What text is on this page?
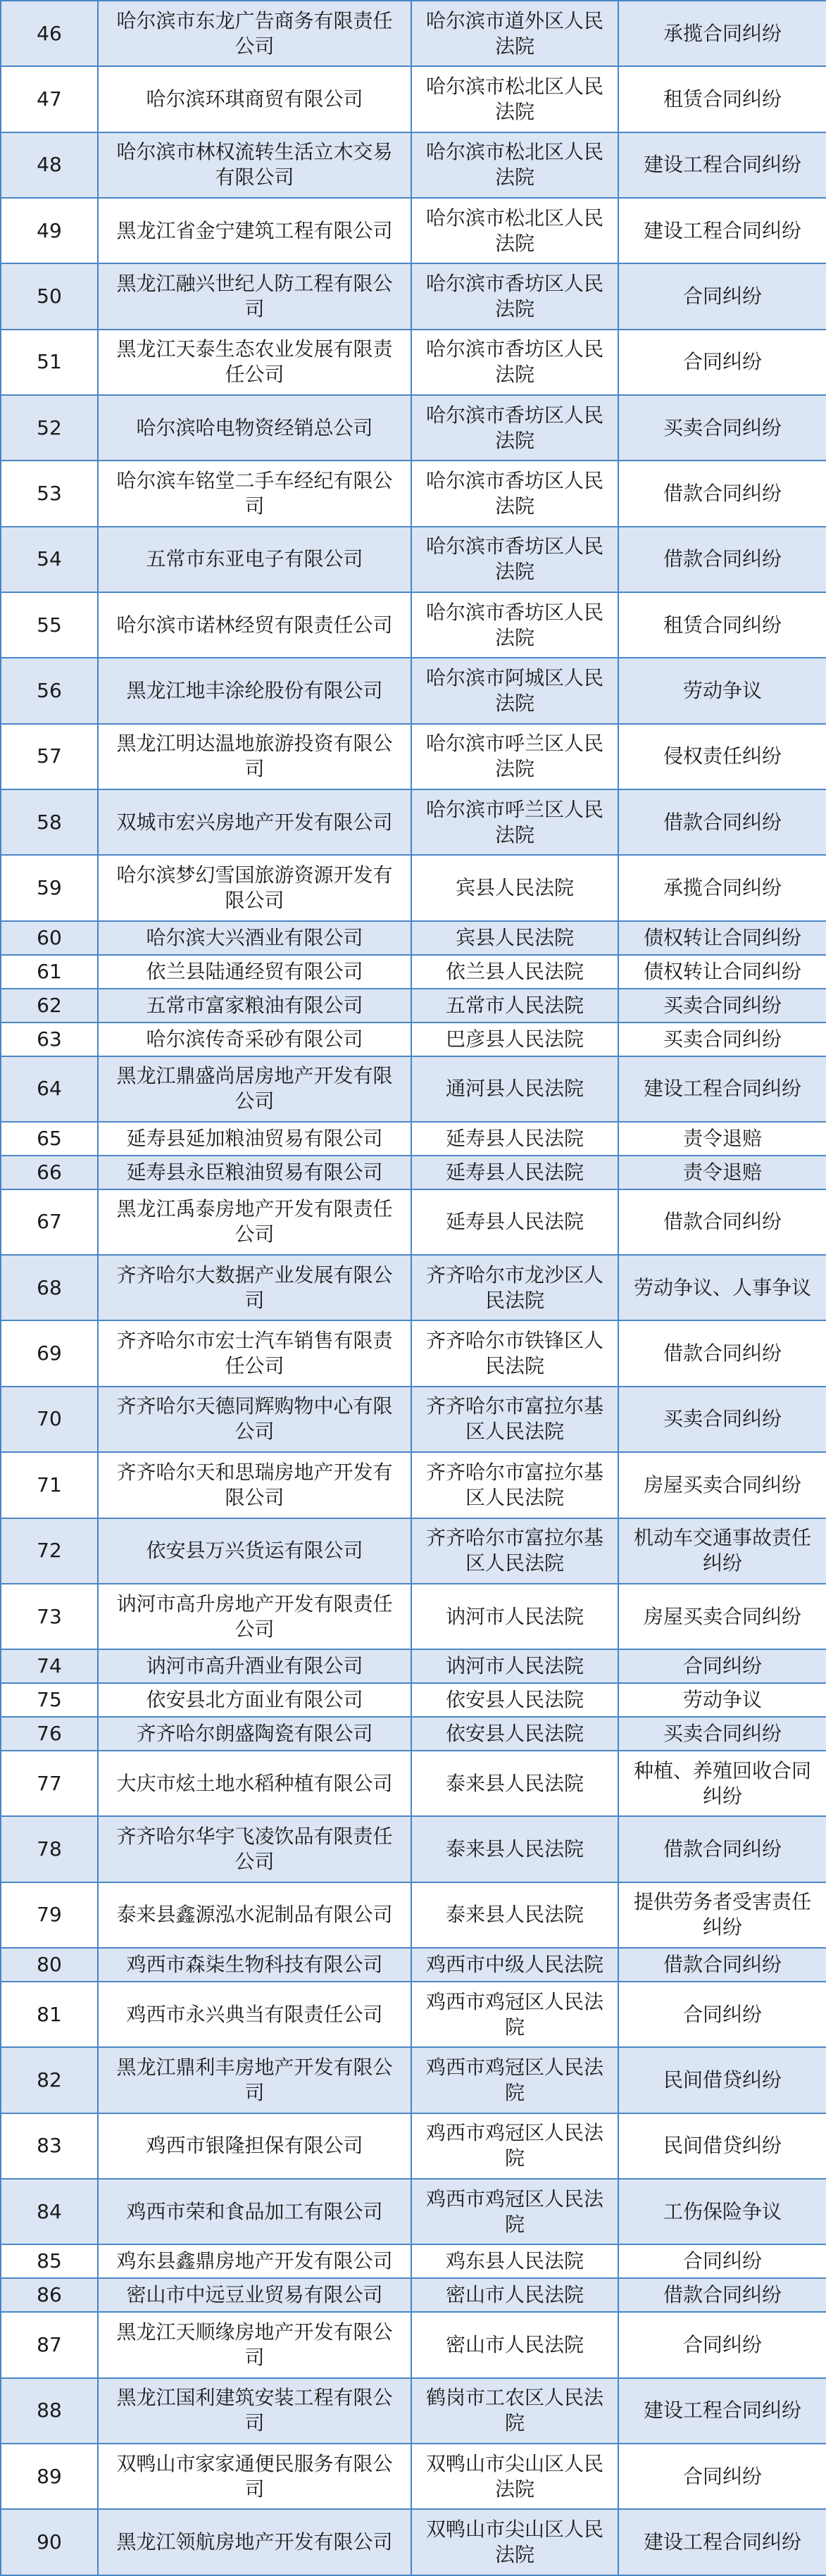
46	哈尔滨市东龙广告商务有限责任公司	哈尔滨市道外区人民法院	承揽合同纠纷
47	哈尔滨环琪商贸有限公司	哈尔滨市松北区人民法院	租赁合同纠纷
48	哈尔滨市林权流转生活立木交易有限公司	哈尔滨市松北区人民法院	建设工程合同纠纷
49	黑龙江省金宁建筑工程有限公司	哈尔滨市松北区人民法院	建设工程合同纠纷
50	黑龙江融兴世纪人防工程有限公司	哈尔滨市香坊区人民法院	合同纠纷
51	黑龙江天泰生态农业发展有限责任公司	哈尔滨市香坊区人民法院	合同纠纷
52	哈尔滨哈电物资经销总公司	哈尔滨市香坊区人民法院	买卖合同纠纷
53	哈尔滨车铭堂二手车经纪有限公司	哈尔滨市香坊区人民法院	借款合同纠纷
54	五常市东亚电子有限公司	哈尔滨市香坊区人民法院	借款合同纠纷
55	哈尔滨市诺林经贸有限责任公司	哈尔滨市香坊区人民法院	租赁合同纠纷
56	黑龙江地丰涂纶股份有限公司	哈尔滨市阿城区人民法院	劳动争议
57	黑龙江明达温地旅游投资有限公司	哈尔滨市呼兰区人民法院	侵权责任纠纷
58	双城市宏兴房地产开发有限公司	哈尔滨市呼兰区人民法院	借款合同纠纷
59	哈尔滨梦幻雪国旅游资源开发有限公司	宾县人民法院	承揽合同纠纷
60	哈尔滨大兴酒业有限公司	宾县人民法院	债权转让合同纠纷
61	依兰县陆通经贸有限公司	依兰县人民法院	债权转让合同纠纷
62	五常市富家粮油有限公司	五常市人民法院	买卖合同纠纷
63	哈尔滨传奇采砂有限公司	巴彦县人民法院	买卖合同纠纷
64	黑龙江鼎盛尚居房地产开发有限公司	通河县人民法院	建设工程合同纠纷
65	延寿县延加粮油贸易有限公司	延寿县人民法院	责令退赔
66	延寿县永臣粮油贸易有限公司	延寿县人民法院	责令退赔
67	黑龙江禹泰房地产开发有限责任公司	延寿县人民法院	借款合同纠纷
68	齐齐哈尔大数据产业发展有限公司	齐齐哈尔市龙沙区人民法院	劳动争议、人事争议
69	齐齐哈尔市宏士汽车销售有限责任公司	齐齐哈尔市铁锋区人民法院	借款合同纠纷
70	齐齐哈尔天德同辉购物中心有限公司	齐齐哈尔市富拉尔基区人民法院	买卖合同纠纷
71	齐齐哈尔天和思瑞房地产开发有限公司	齐齐哈尔市富拉尔基区人民法院	房屋买卖合同纠纷
72	依安县万兴货运有限公司	齐齐哈尔市富拉尔基区人民法院	机动车交通事故责任纠纷
73	讷河市高升房地产开发有限责任公司	讷河市人民法院	房屋买卖合同纠纷
74	讷河市高升酒业有限公司	讷河市人民法院	合同纠纷
75	依安县北方面业有限公司	依安县人民法院	劳动争议
76	齐齐哈尔朗盛陶瓷有限公司	依安县人民法院	买卖合同纠纷
77	大庆市炫土地水稻种植有限公司	泰来县人民法院	种植、养殖回收合同纠纷
78	齐齐哈尔华宇飞凌饮品有限责任公司	泰来县人民法院	借款合同纠纷
79	泰来县鑫源泓水泥制品有限公司	泰来县人民法院	提供劳务者受害责任纠纷
80	鸡西市森柒生物科技有限公司	鸡西市中级人民法院	借款合同纠纷
81	鸡西市永兴典当有限责任公司	鸡西市鸡冠区人民法院	合同纠纷
82	黑龙江鼎利丰房地产开发有限公司	鸡西市鸡冠区人民法院	民间借贷纠纷
83	鸡西市银隆担保有限公司	鸡西市鸡冠区人民法院	民间借贷纠纷
84	鸡西市荣和食品加工有限公司	鸡西市鸡冠区人民法院	工伤保险争议
85	鸡东县鑫鼎房地产开发有限公司	鸡东县人民法院	合同纠纷
86	密山市中远豆业贸易有限公司	密山市人民法院	借款合同纠纷
87	黑龙江天顺缘房地产开发有限公司	密山市人民法院	合同纠纷
88	黑龙江国利建筑安装工程有限公司	鹤岗市工农区人民法院	建设工程合同纠纷
89	双鸭山市家家通便民服务有限公司	双鸭山市尖山区人民法院	合同纠纷
90	黑龙江领航房地产开发有限公司	双鸭山市尖山区人民法院	建设工程合同纠纷
